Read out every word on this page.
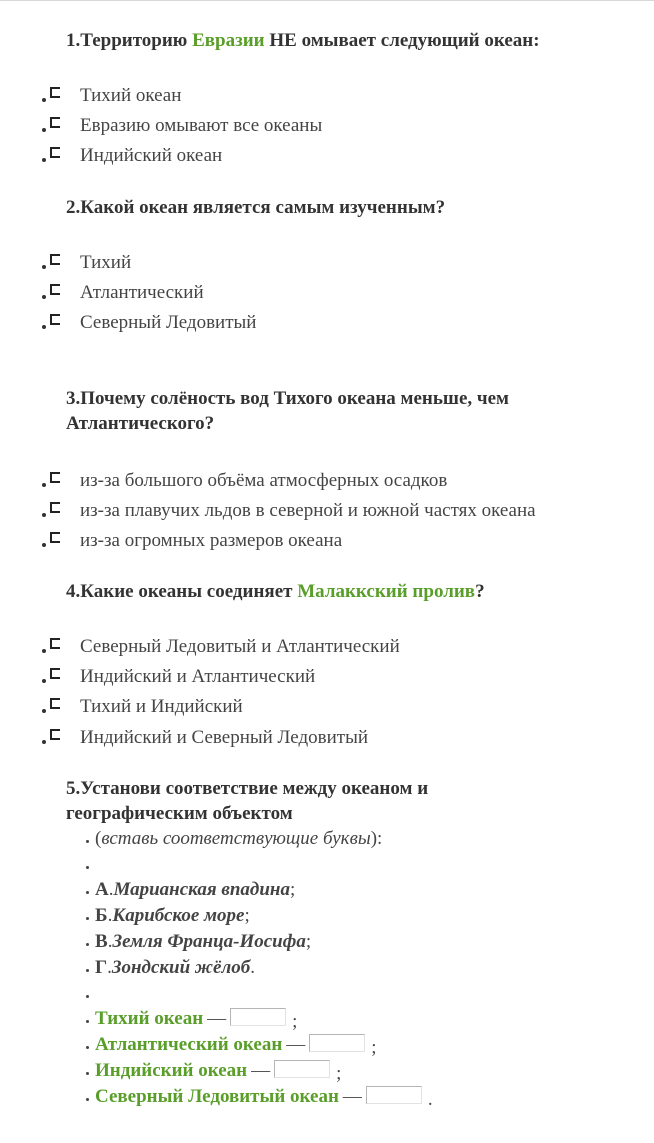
1.Территорию Евразии НЕ омывает следующий океан:
Тихий океан
Евразию омывают все океаны
Индийский океан
2.Какой океан является самым изученным?
Тихий
Атлантический
Северный Ледовитый
3.Почему солёность вод Тихого океана меньше, чем
Атлантического?
из-за большого объёма атмосферных осадков
из-за плавучих льдов в северной и южной частях океана
из-за огромных размеров океана
4.Какие океаны соединяет Малаккский пролив?
Северный Ледовитый и Атлантический
Индийский и Атлантический
Тихий и Индийский
Индийский и Северный Ледовитый
5.Установи соответствие между океаном и
географическим объектом
( вставь соответствующие буквы ):
А . Марианская впадина ;
Б . Карибское море ;
В . Земля Франца-Иосифа ;
Г . Зондский жёлоб .
Тихий океан —	;
Атлантический океан —	;
Индийский океан —	;
Северный Ледовитый океан —	.
